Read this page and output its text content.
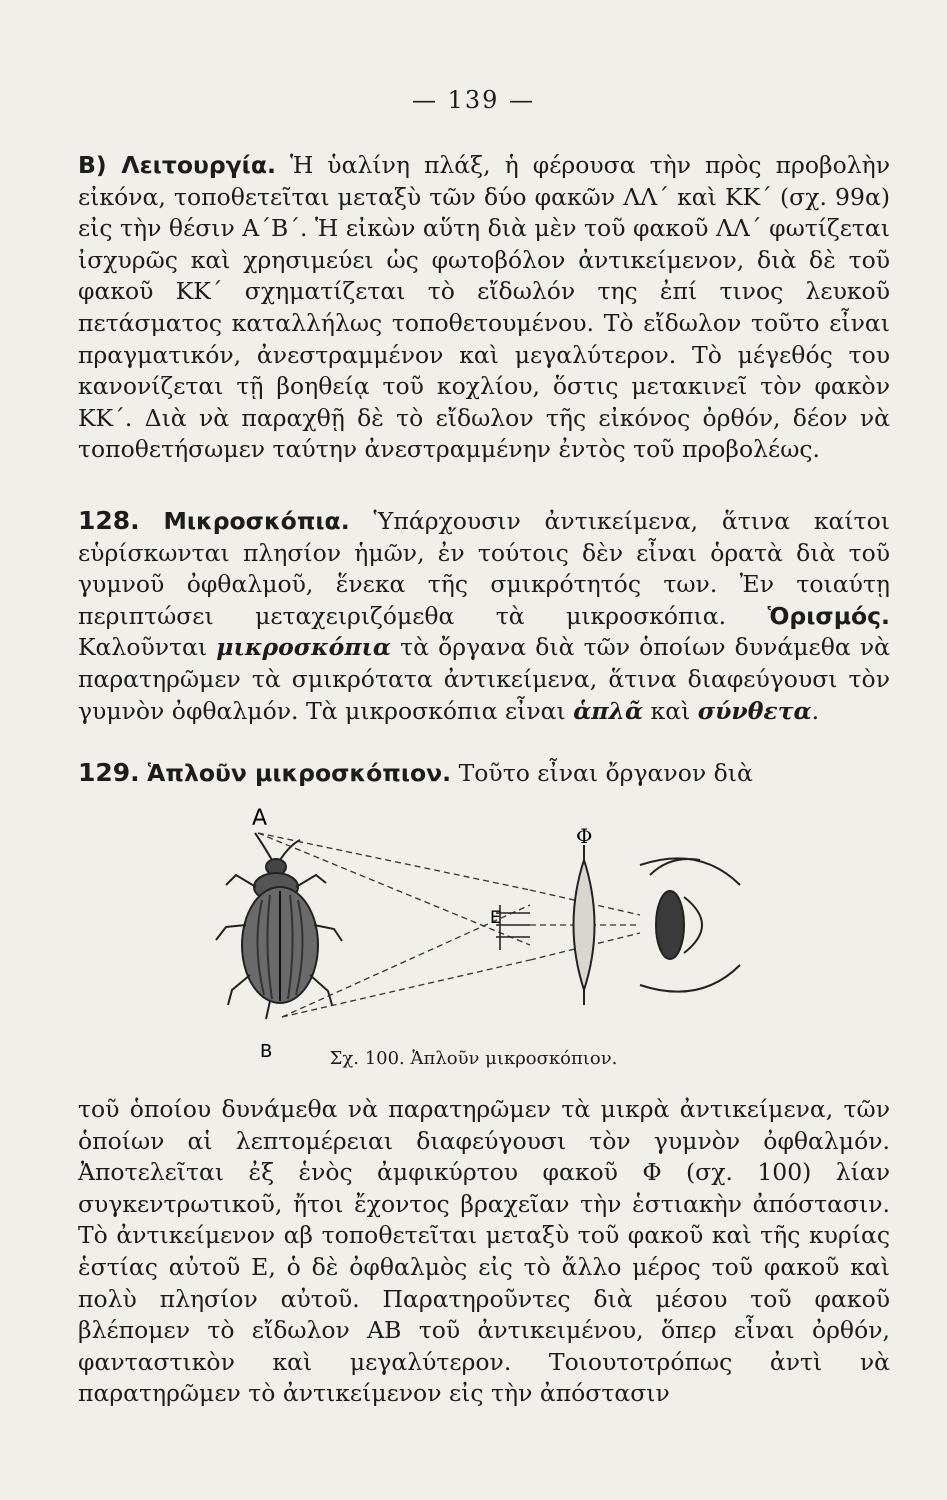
— 139 —
Β) Λειτουργία. Ἡ ὑαλίνη πλάξ, ἡ φέρουσα τὴν πρὸς προβολὴν εἰκόνα, τοποθετεῖται μεταξὺ τῶν δύο φακῶν ΛΛ΄ καὶ ΚΚ΄ (σχ. 99α) εἰς τὴν θέσιν Α΄Β΄. Ἡ εἰκὼν αὕτη διὰ μὲν τοῦ φακοῦ ΛΛ΄ φωτίζεται ἰσχυρῶς καὶ χρησιμεύει ὡς φωτοβόλον ἀντικείμενον, διὰ δὲ τοῦ φακοῦ ΚΚ΄ σχηματίζεται τὸ εἴδωλόν της ἐπί τινος λευκοῦ πετάσματος καταλλήλως τοποθετουμένου. Τὸ εἴδωλον τοῦτο εἶναι πραγματικόν, ἀνεστραμμένον καὶ μεγαλύτερον. Τὸ μέγεθός του κανονίζεται τῇ βοηθείᾳ τοῦ κοχλίου, ὅστις μετακινεῖ τὸν φακὸν ΚΚ΄. Διὰ νὰ παραχθῇ δὲ τὸ εἴδωλον τῆς εἰκόνος ὀρθόν, δέον νὰ τοποθετήσωμεν ταύτην ἀνεστραμμένην ἐντὸς τοῦ προβολέως.
128. Μικροσκόπια. Ὑπάρχουσιν ἀντικείμενα, ἅτινα καίτοι εὑρίσκωνται πλησίον ἡμῶν, ἐν τούτοις δὲν εἶναι ὁρατὰ διὰ τοῦ γυμνοῦ ὀφθαλμοῦ, ἕνεκα τῆς σμικρότητός των. Ἐν τοιαύτῃ περιπτώσει μεταχειριζόμεθα τὰ μικροσκόπια. Ὁρισμός. Καλοῦνται μικροσκόπια τὰ ὄργανα διὰ τῶν ὁποίων δυνάμεθα νὰ παρατηρῶμεν τὰ σμικρότατα ἀντικείμενα, ἅτινα διαφεύγουσι τὸν γυμνὸν ὀφθαλμόν. Τὰ μικροσκόπια εἶναι ἁπλᾶ καὶ σύνθετα.
129. Ἁπλοῦν μικροσκόπιον. Τοῦτο εἶναι ὄργανον διὰ
Α
Β
Ε
Φ
Σχ. 100. Ἁπλοῦν μικροσκόπιον.
τοῦ ὁποίου δυνάμεθα νὰ παρατηρῶμεν τὰ μικρὰ ἀντικείμενα, τῶν ὁποίων αἱ λεπτομέρειαι διαφεύγουσι τὸν γυμνὸν ὀφθαλμόν. Ἀποτελεῖται ἐξ ἑνὸς ἀμφικύρτου φακοῦ Φ (σχ. 100) λίαν συγκεντρωτικοῦ, ἤτοι ἔχοντος βραχεῖαν τὴν ἑστιακὴν ἀπόστασιν. Τὸ ἀντικείμενον αβ τοποθετεῖται μεταξὺ τοῦ φακοῦ καὶ τῆς κυρίας ἑστίας αὐτοῦ Ε, ὁ δὲ ὀφθαλμὸς εἰς τὸ ἄλλο μέρος τοῦ φακοῦ καὶ πολὺ πλησίον αὐτοῦ. Παρατηροῦντες διὰ μέσου τοῦ φακοῦ βλέπομεν τὸ εἴδωλον ΑΒ τοῦ ἀντικειμένου, ὅπερ εἶναι ὀρθόν, φανταστικὸν καὶ μεγαλύτερον. Τοιουτοτρόπως ἀντὶ νὰ παρατηρῶμεν τὸ ἀντικείμενον εἰς τὴν ἀπόστασιν
